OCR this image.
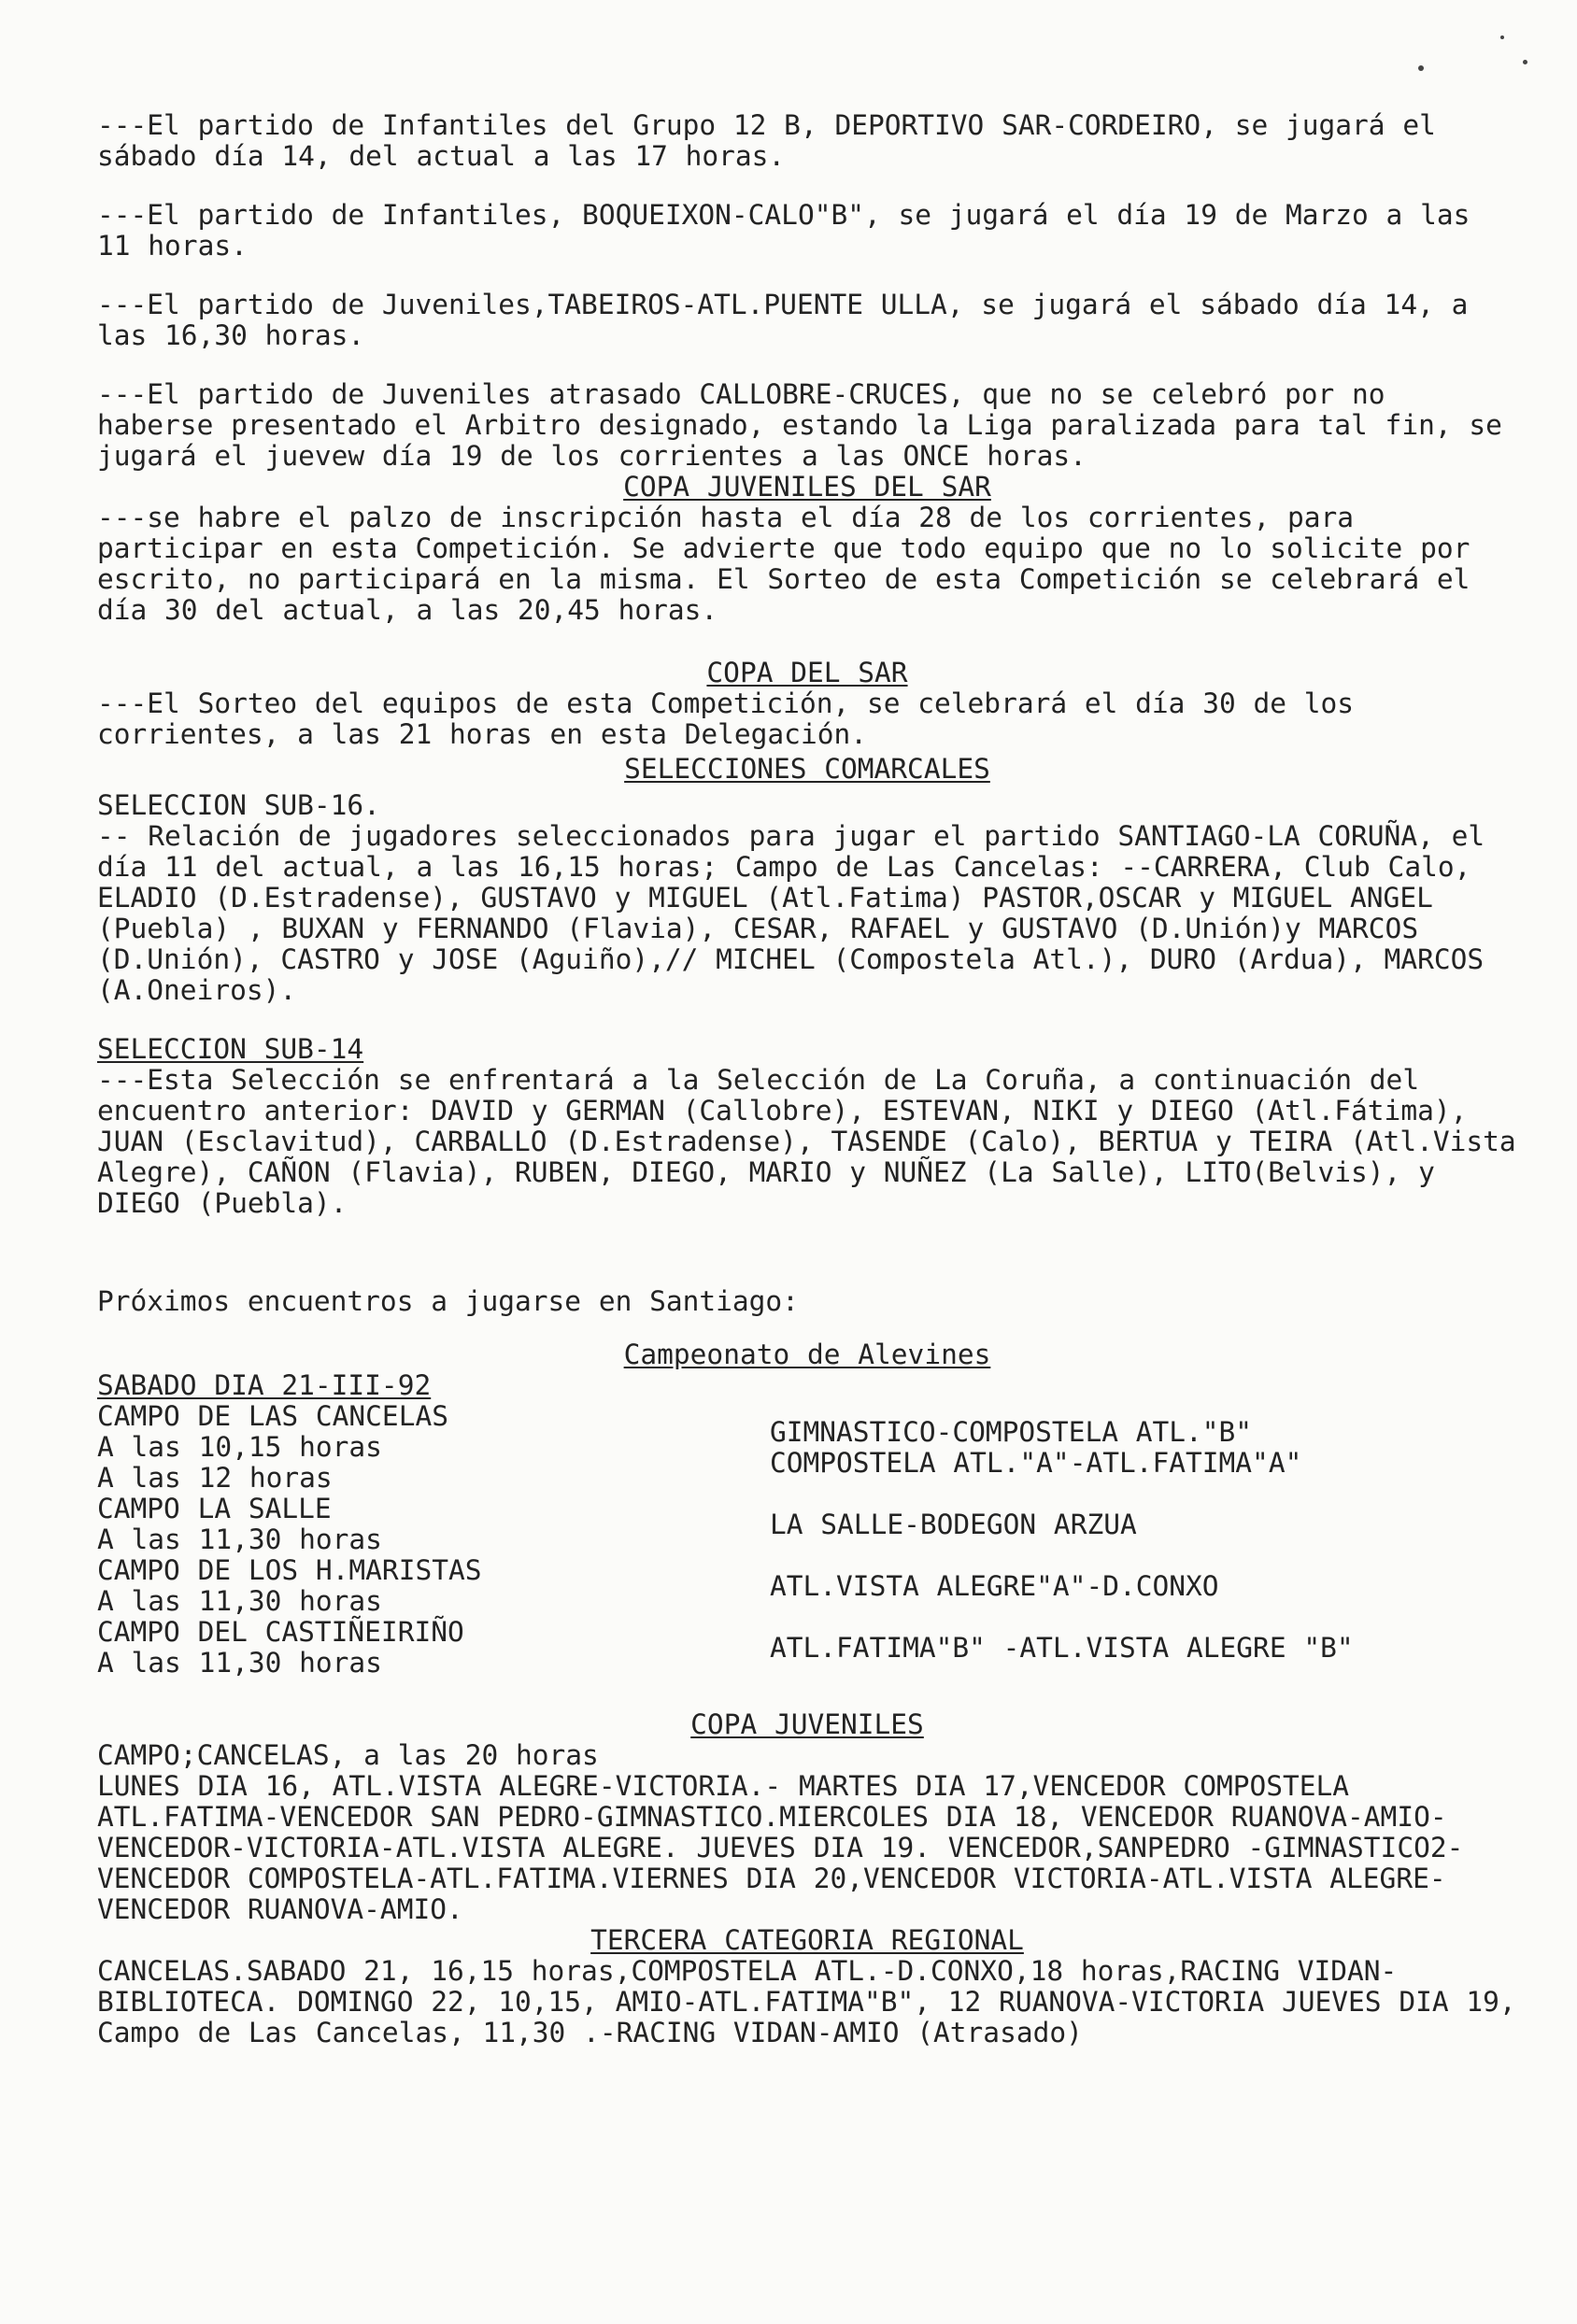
---El partido de Infantiles del Grupo 12 B, DEPORTIVO SAR-CORDEIRO, se jugará el sábado día 14, del actual a las 17 horas.

---El partido de Infantiles, BOQUEIXON-CALO"B", se jugará el día 19 de Marzo a las 11 horas.

---El partido de Juveniles,TABEIROS-ATL.PUENTE ULLA, se jugará el sábado día 14, a las 16,30 horas.

---El partido de Juveniles atrasado CALLOBRE-CRUCES, que no se celebró por no haberse presentado el Arbitro designado, estando la Liga paralizada para tal fin, se jugará el juevew día 19 de los corrientes a las ONCE horas.

COPA JUVENILES DEL SAR

---se habre el palzo de inscripción hasta el día 28 de los corrientes, para participar en esta Competición. Se advierte que todo equipo que no lo solicite por escrito, no participará en la misma. El Sorteo de esta Competición se celebrará el día 30 del actual, a las 20,45 horas.

COPA DEL SAR

---El Sorteo del equipos de esta Competición, se celebrará el día 30 de los corrientes, a las 21 horas en esta Delegación.

SELECCIONES COMARCALES

SELECCION SUB-16.

-- Relación de jugadores seleccionados para jugar el partido SANTIAGO-LA CORUÑA, el día 11 del actual, a las 16,15 horas; Campo de Las Cancelas: --CARRERA, Club Calo, ELADIO (D.Estradense), GUSTAVO y MIGUEL (Atl.Fatima) PASTOR,OSCAR y MIGUEL ANGEL (Puebla) , BUXAN y FERNANDO (Flavia), CESAR, RAFAEL y GUSTAVO (D.Unión)y MARCOS (D.Unión), CASTRO y JOSE (Aguiño),// MICHEL (Compostela Atl.), DURO (Ardua), MARCOS (A.Oneiros).

SELECCION SUB-14

---Esta Selección se enfrentará a la Selección de La Coruña, a continuación del encuentro anterior: DAVID y GERMAN (Callobre), ESTEVAN, NIKI y DIEGO (Atl.Fátima), JUAN (Esclavitud), CARBALLO (D.Estradense), TASENDE (Calo), BERTUA y TEIRA (Atl.Vista Alegre), CAÑON (Flavia), RUBEN, DIEGO, MARIO y NUÑEZ (La Salle), LITO(Belvis), y DIEGO (Puebla).

Próximos encuentros a jugarse en Santiago:

Campeonato de Alevines

SABADO DIA 21-III-92

CAMPO DE LAS CANCELAS

A las 10,15 horas

A las 12 horas

CAMPO LA SALLE

A las 11,30 horas

CAMPO DE LOS H.MARISTAS

A las 11,30 horas

CAMPO DEL CASTIÑEIRIÑO

A las 11,30 horas

GIMNASTICO-COMPOSTELA ATL."B"

COMPOSTELA ATL."A"-ATL.FATIMA"A"

LA SALLE-BODEGON ARZUA

ATL.VISTA ALEGRE"A"-D.CONXO

ATL.FATIMA"B" -ATL.VISTA ALEGRE "B"

COPA JUVENILES

CAMPO;CANCELAS, a las 20 horas
LUNES DIA 16, ATL.VISTA ALEGRE-VICTORIA.- MARTES DIA 17,VENCEDOR COMPOSTELA ATL.FATIMA-VENCEDOR SAN PEDRO-GIMNASTICO.MIERCOLES DIA 18, VENCEDOR RUANOVA-AMIO- VENCEDOR-VICTORIA-ATL.VISTA ALEGRE. JUEVES DIA 19. VENCEDOR,SANPEDRO -GIMNASTICO2-VENCEDOR COMPOSTELA-ATL.FATIMA.VIERNES DIA 20,VENCEDOR VICTORIA-ATL.VISTA ALEGRE-VENCEDOR RUANOVA-AMIO.

TERCERA CATEGORIA REGIONAL

CANCELAS.SABADO 21, 16,15 horas,COMPOSTELA ATL.-D.CONXO,18 horas,RACING VIDAN-BIBLIOTECA. DOMINGO 22, 10,15, AMIO-ATL.FATIMA"B", 12 RUANOVA-VICTORIA JUEVES DIA 19, Campo de Las Cancelas, 11,30 .-RACING VIDAN-AMIO (Atrasado)
